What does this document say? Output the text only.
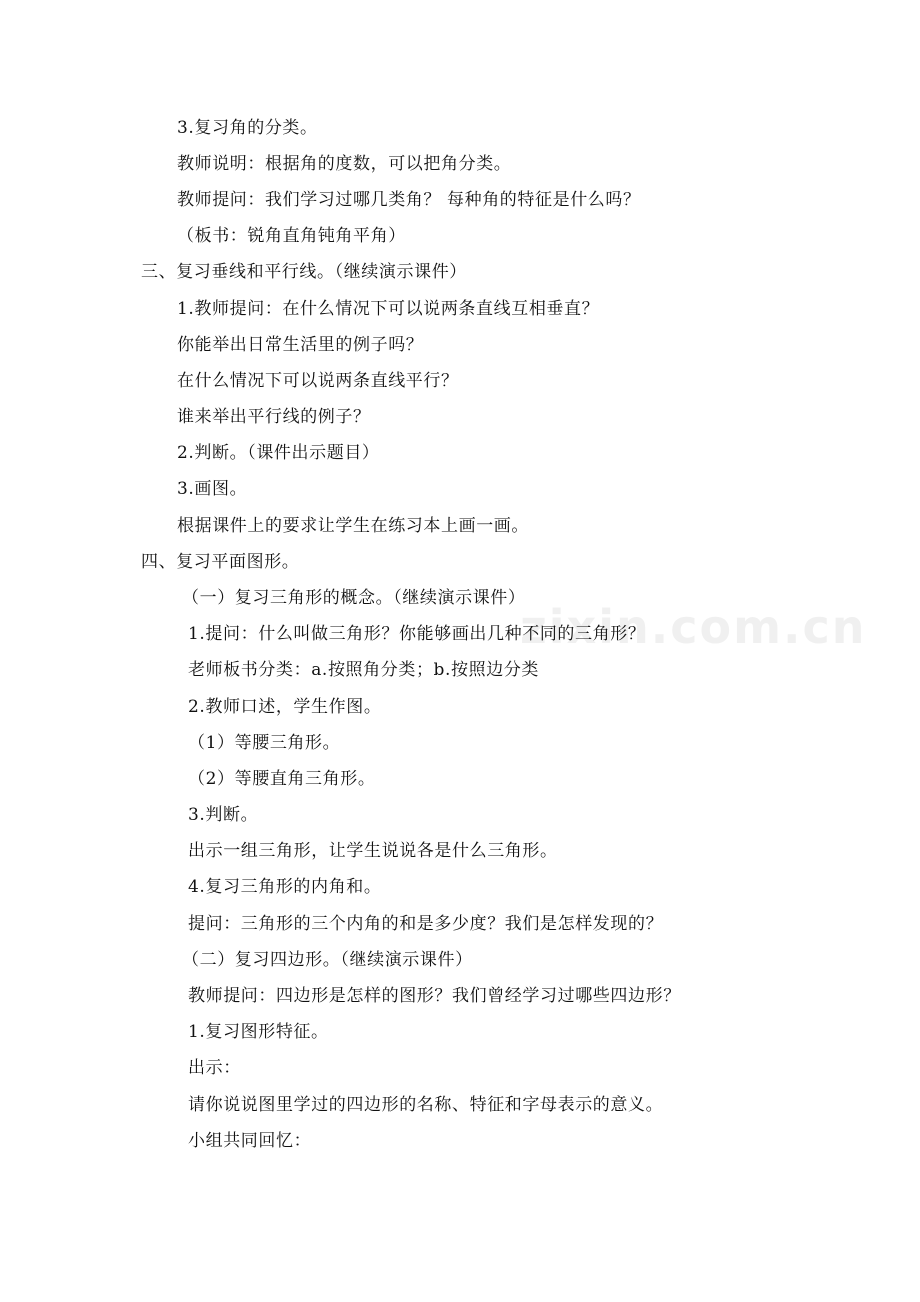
zixin.com.cn
3.复习角的分类。
教师说明：根据角的度数，可以把角分类。
教师提问：我们学习过哪几类角？ 每种角的特征是什么吗？
（板书：锐角直角钝角平角）
三、复习垂线和平行线。（继续演示课件）
1.教师提问：在什么情况下可以说两条直线互相垂直？
你能举出日常生活里的例子吗？
在什么情况下可以说两条直线平行？
谁来举出平行线的例子？
2.判断。（课件出示题目）
3.画图。
根据课件上的要求让学生在练习本上画一画。
四、复习平面图形。
（一）复习三角形的概念。（继续演示课件）
1.提问：什么叫做三角形？你能够画出几种不同的三角形？
老师板书分类：a.按照角分类；b.按照边分类
2.教师口述，学生作图。
（1）等腰三角形。
（2）等腰直角三角形。
3.判断。
出示一组三角形，让学生说说各是什么三角形。
4.复习三角形的内角和。
提问：三角形的三个内角的和是多少度？我们是怎样发现的？
（二）复习四边形。（继续演示课件）
教师提问：四边形是怎样的图形？我们曾经学习过哪些四边形？
1.复习图形特征。
出示：
请你说说图里学过的四边形的名称、特征和字母表示的意义。
小组共同回忆：
